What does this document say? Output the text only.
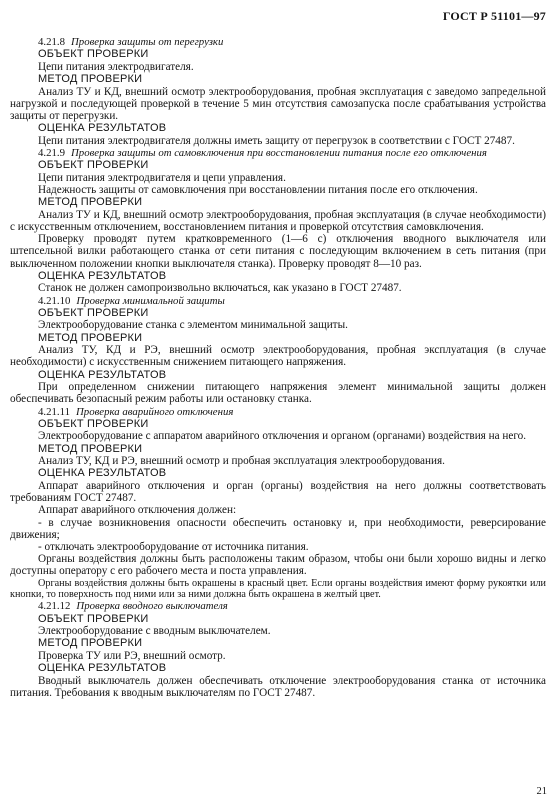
ГОСТ Р 51101—97

4.21.8 Проверка защиты от перегрузки

ОБЪЕКТ ПРОВЕРКИ

Цепи питания электродвигателя.

МЕТОД ПРОВЕРКИ

Анализ ТУ и КД, внешний осмотр электрооборудования, пробная эксплуатация с заведомо запредельной нагрузкой и последующей проверкой в течение 5 мин отсутствия самозапуска после срабатывания устройства защиты от перегрузки.

ОЦЕНКА РЕЗУЛЬТАТОВ

Цепи питания электродвигателя должны иметь защиту от перегрузок в соответствии с ГОСТ 27487.

4.21.9 Проверка защиты от самовключения при восстановлении питания после его отключения

ОБЪЕКТ ПРОВЕРКИ

Цепи питания электродвигателя и цепи управления.

Надежность защиты от самовключения при восстановлении питания после его отключения.

МЕТОД ПРОВЕРКИ

Анализ ТУ и КД, внешний осмотр электрооборудования, пробная эксплуатация (в случае необходимости) с искусственным отключением, восстановлением питания и проверкой отсутствия самовключения.

Проверку проводят путем кратковременного (1—6 с) отключения вводного выключателя или штепсельной вилки работающего станка от сети питания с последующим включением в сеть питания (при выключенном положении кнопки выключателя станка). Проверку проводят 8—10 раз.

ОЦЕНКА РЕЗУЛЬТАТОВ

Станок не должен самопроизвольно включаться, как указано в ГОСТ 27487.

4.21.10 Проверка минимальной защиты

ОБЪЕКТ ПРОВЕРКИ

Электрооборудование станка с элементом минимальной защиты.

МЕТОД ПРОВЕРКИ

Анализ ТУ, КД и РЭ, внешний осмотр электрооборудования, пробная эксплуатация (в случае необходимости) с искусственным снижением питающего напряжения.

ОЦЕНКА РЕЗУЛЬТАТОВ

При определенном снижении питающего напряжения элемент минимальной защиты должен обеспечивать безопасный режим работы или остановку станка.

4.21.11 Проверка аварийного отключения

ОБЪЕКТ ПРОВЕРКИ

Электрооборудование с аппаратом аварийного отключения и органом (органами) воздействия на него.

МЕТОД ПРОВЕРКИ

Анализ ТУ, КД и РЭ, внешний осмотр и пробная эксплуатация электрооборудования.

ОЦЕНКА РЕЗУЛЬТАТОВ

Аппарат аварийного отключения и орган (органы) воздействия на него должны соответствовать требованиям ГОСТ 27487.

Аппарат аварийного отключения должен:

- в случае возникновения опасности обеспечить остановку и, при необходимости, реверсирование движения;

- отключать электрооборудование от источника питания.

Органы воздействия должны быть расположены таким образом, чтобы они были хорошо видны и легко доступны оператору с его рабочего места и поста управления.

Органы воздействия должны быть окрашены в красный цвет. Если органы воздействия имеют форму рукоятки или кнопки, то поверхность под ними или за ними должна быть окрашена в желтый цвет.

4.21.12 Проверка вводного выключателя

ОБЪЕКТ ПРОВЕРКИ

Электрооборудование с вводным выключателем.

МЕТОД ПРОВЕРКИ

Проверка ТУ или РЭ, внешний осмотр.

ОЦЕНКА РЕЗУЛЬТАТОВ

Вводный выключатель должен обеспечивать отключение электрооборудования станка от источника питания. Требования к вводным выключателям по ГОСТ 27487.

21
